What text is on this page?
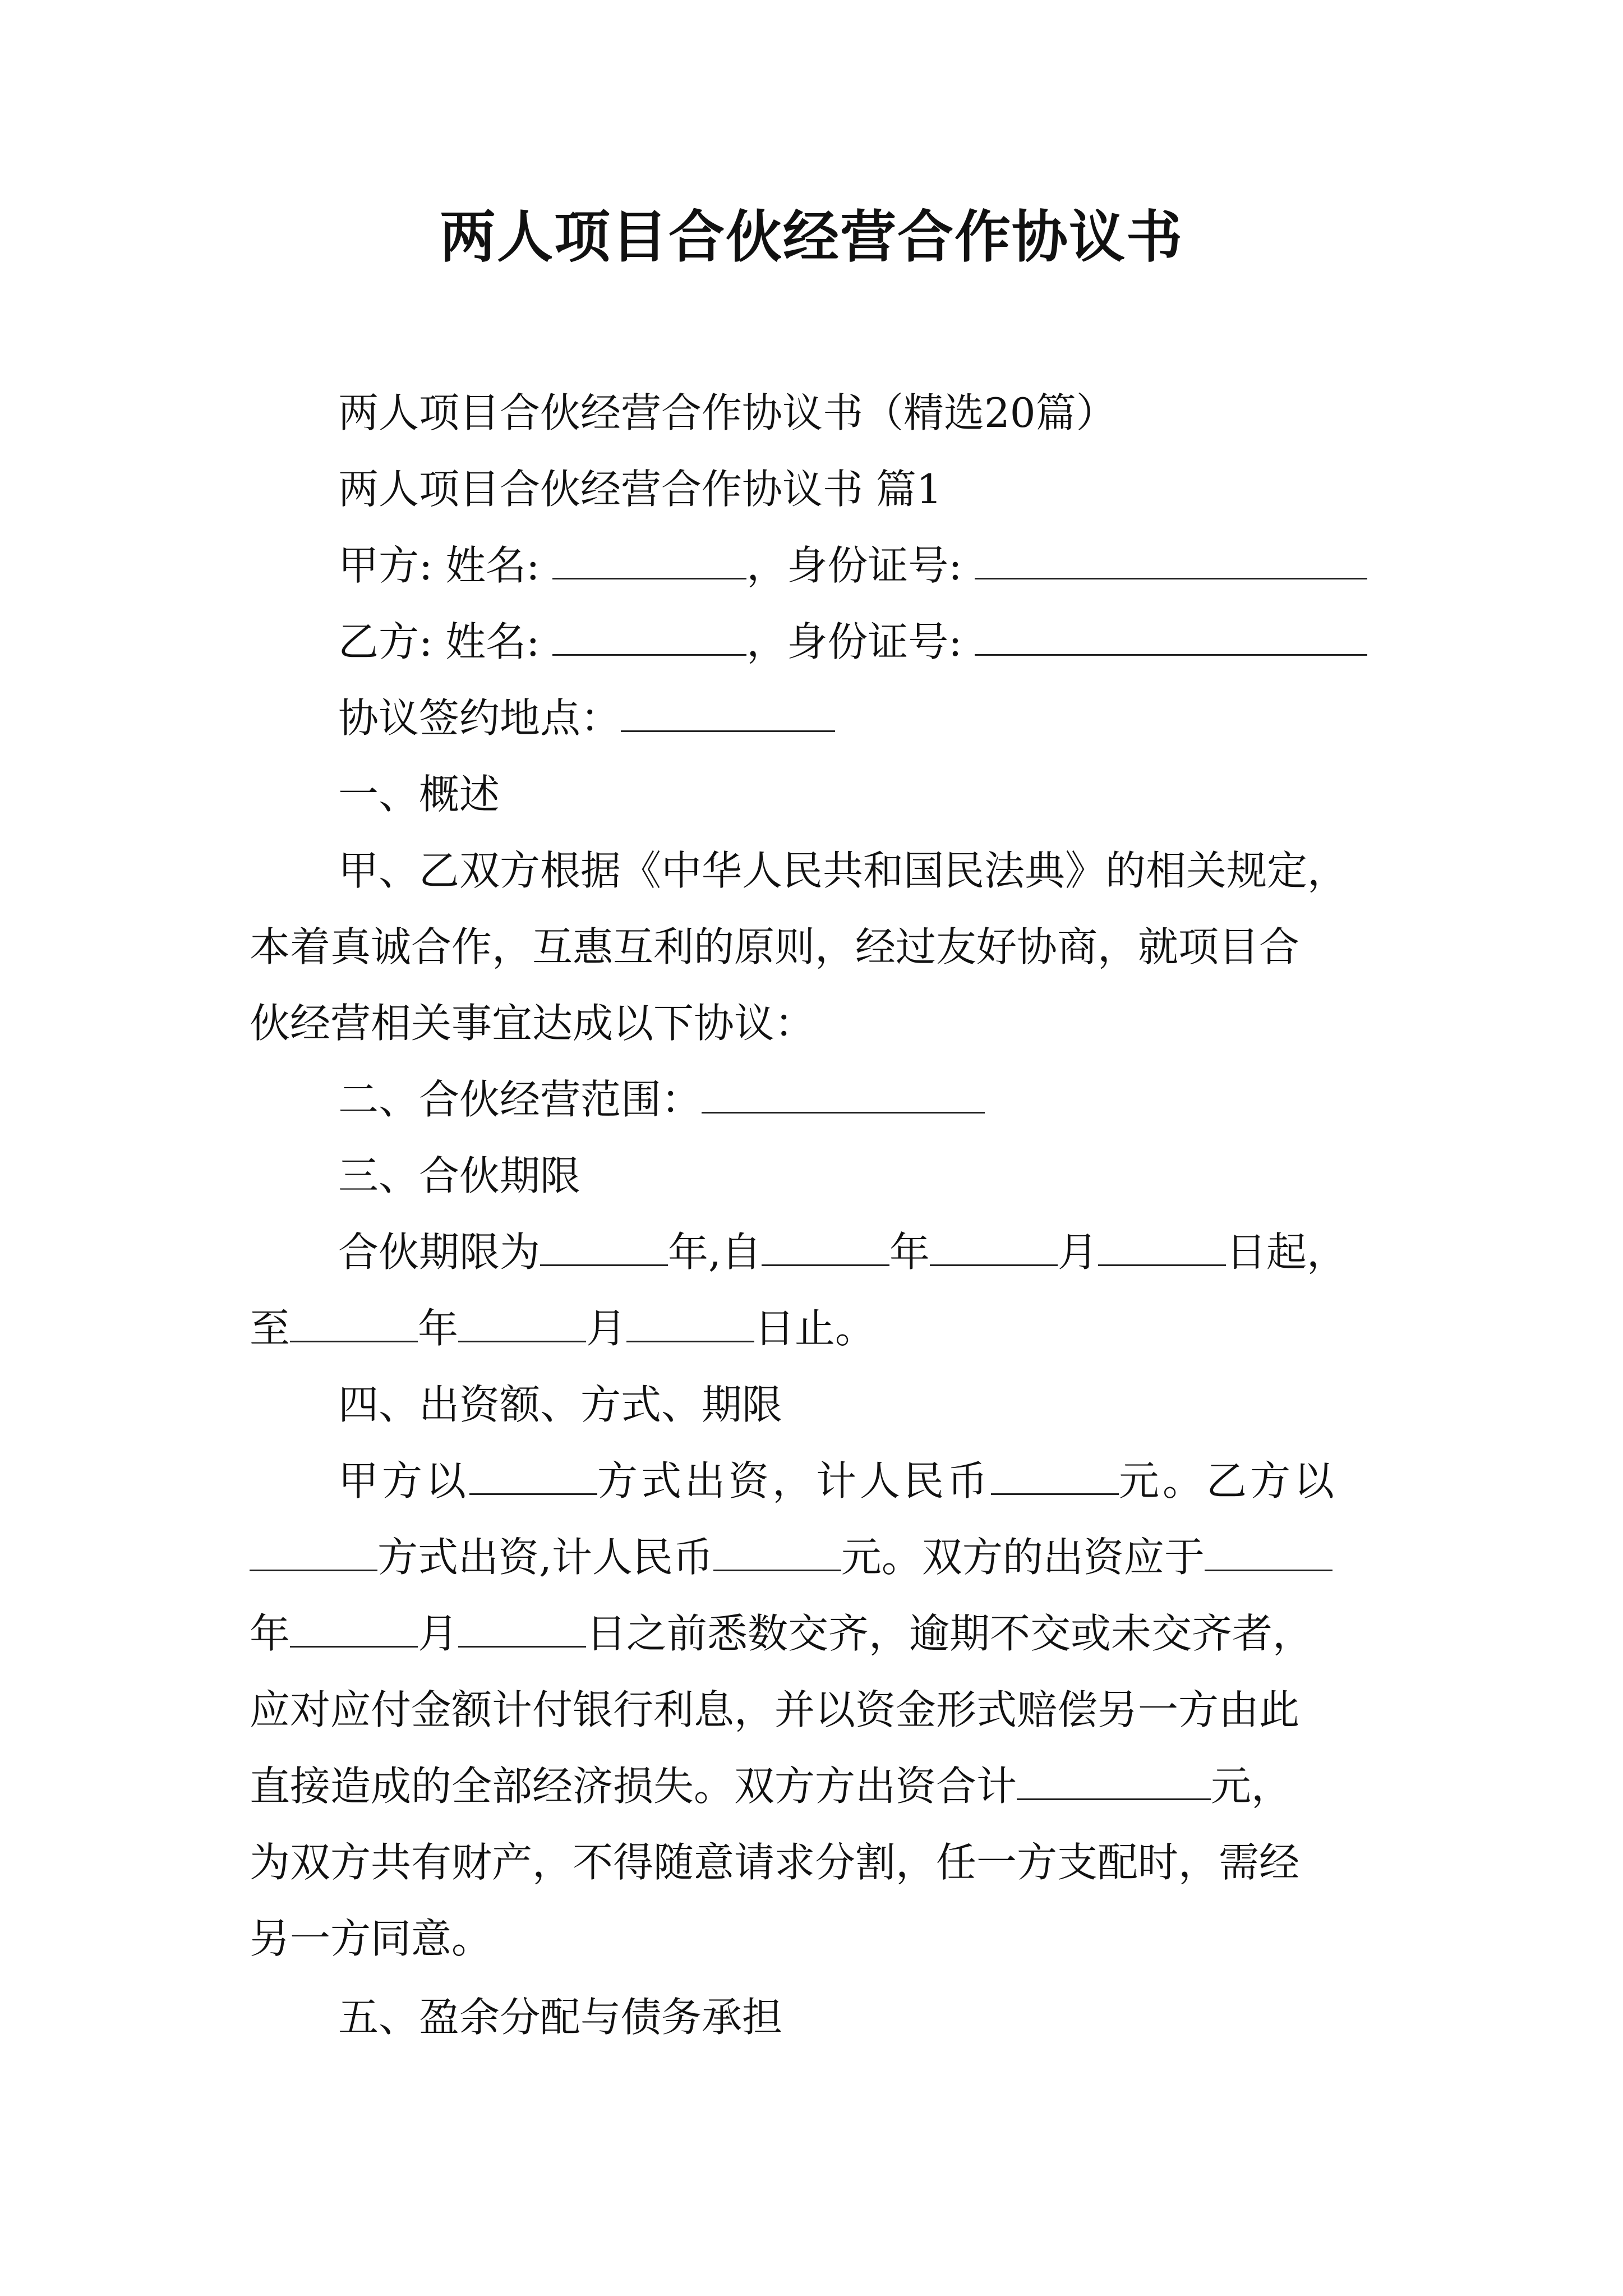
两人项目合伙经营合作协议书
两人项目合伙经营合作协议书（精选20篇）
两人项目合伙经营合作协议书 篇1
甲方: 姓名:	，身份证号:
乙方: 姓名:	，身份证号:
协议签约地点：
一、概述
甲、乙双方根据《中华人民共和国民法典》的相关规定，
本着真诚合作，互惠互利的原则，经过友好协商，就项目合
伙经营相关事宜达成以下协议：
二、合伙经营范围：
三、合伙期限
合伙期限为	年,自	年	月	日起，
至	年	月	日止。
四、出资额、方式、期限
甲方以	方式出资，计人民币	元。乙方以
方式出资,计人民币	元。双方的出资应于
年	月	日之前悉数交齐，逾期不交或未交齐者，
应对应付金额计付银行利息，并以资金形式赔偿另一方由此
直接造成的全部经济损失。双方方出资合计	元，
为双方共有财产，不得随意请求分割，任一方支配时，需经
另一方同意。
五、盈余分配与债务承担
